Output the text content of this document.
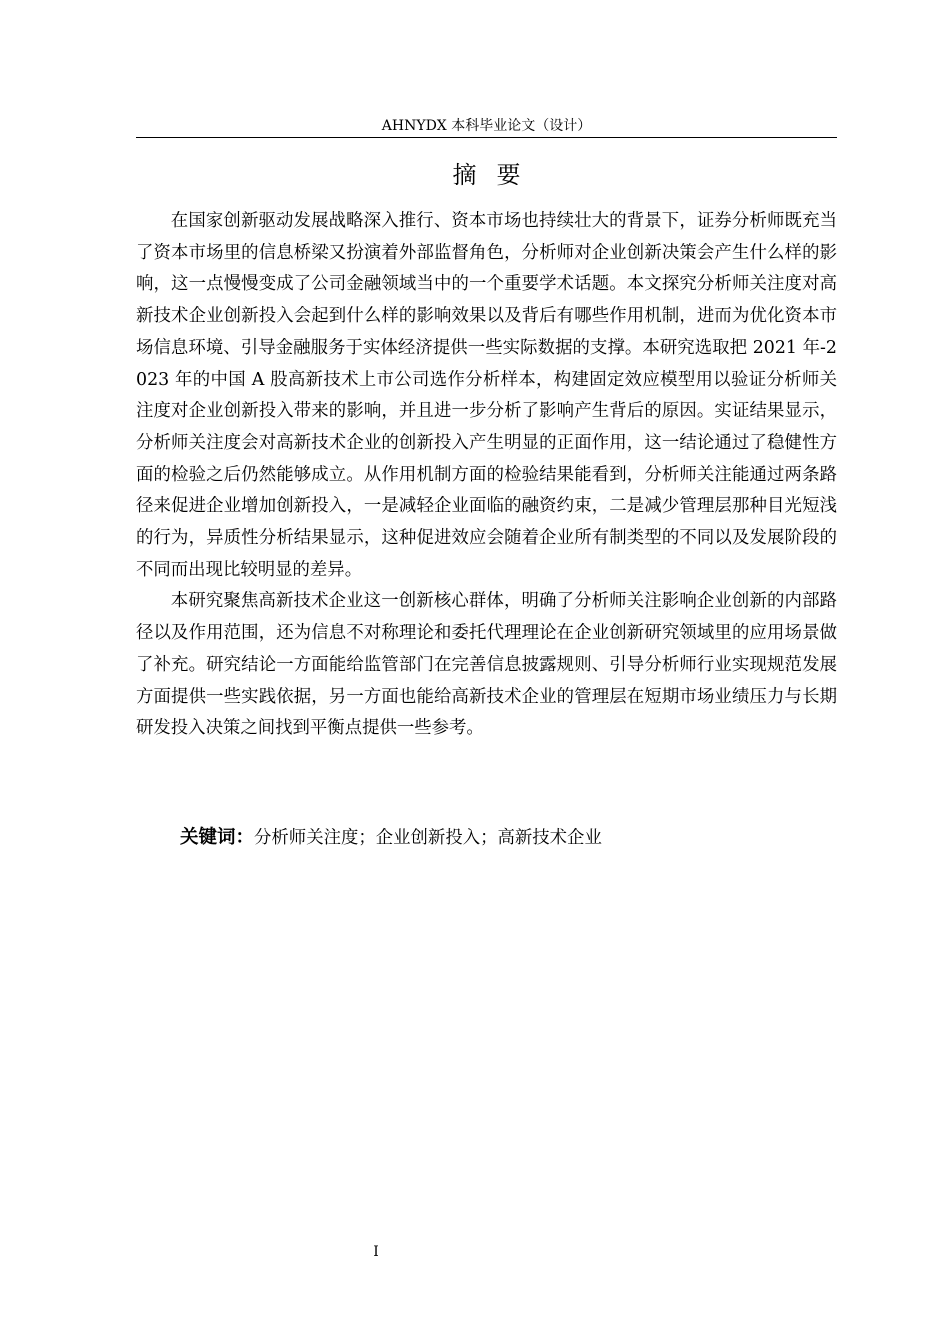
AHNYDX 本科毕业论文（设计）
摘要

在国家创新驱动发展战略深入推行、资本市场也持续壮大的背景下，证券分析师既充当了资本市场里的信息桥梁又扮演着外部监督角色，分析师对企业创新决策会产生什么样的影响，这一点慢慢变成了公司金融领域当中的一个重要学术话题。本文探究分析师关注度对高新技术企业创新投入会起到什么样的影响效果以及背后有哪些作用机制，进而为优化资本市场信息环境、引导金融服务于实体经济提供一些实际数据的支撑。本研究选取把 2021 年-2023 年的中国 A 股高新技术上市公司选作分析样本，构建固定效应模型用以验证分析师关注度对企业创新投入带来的影响，并且进一步分析了影响产生背后的原因。实证结果显示，分析师关注度会对高新技术企业的创新投入产生明显的正面作用，这一结论通过了稳健性方面的检验之后仍然能够成立。从作用机制方面的检验结果能看到，分析师关注能通过两条路径来促进企业增加创新投入，一是减轻企业面临的融资约束，二是减少管理层那种目光短浅的行为，异质性分析结果显示，这种促进效应会随着企业所有制类型的不同以及发展阶段的不同而出现比较明显的差异。

本研究聚焦高新技术企业这一创新核心群体，明确了分析师关注影响企业创新的内部路径以及作用范围，还为信息不对称理论和委托代理理论在企业创新研究领域里的应用场景做了补充。研究结论一方面能给监管部门在完善信息披露规则、引导分析师行业实现规范发展方面提供一些实践依据，另一方面也能给高新技术企业的管理层在短期市场业绩压力与长期研发投入决策之间找到平衡点提供一些参考。

关键词：分析师关注度；企业创新投入；高新技术企业
I
